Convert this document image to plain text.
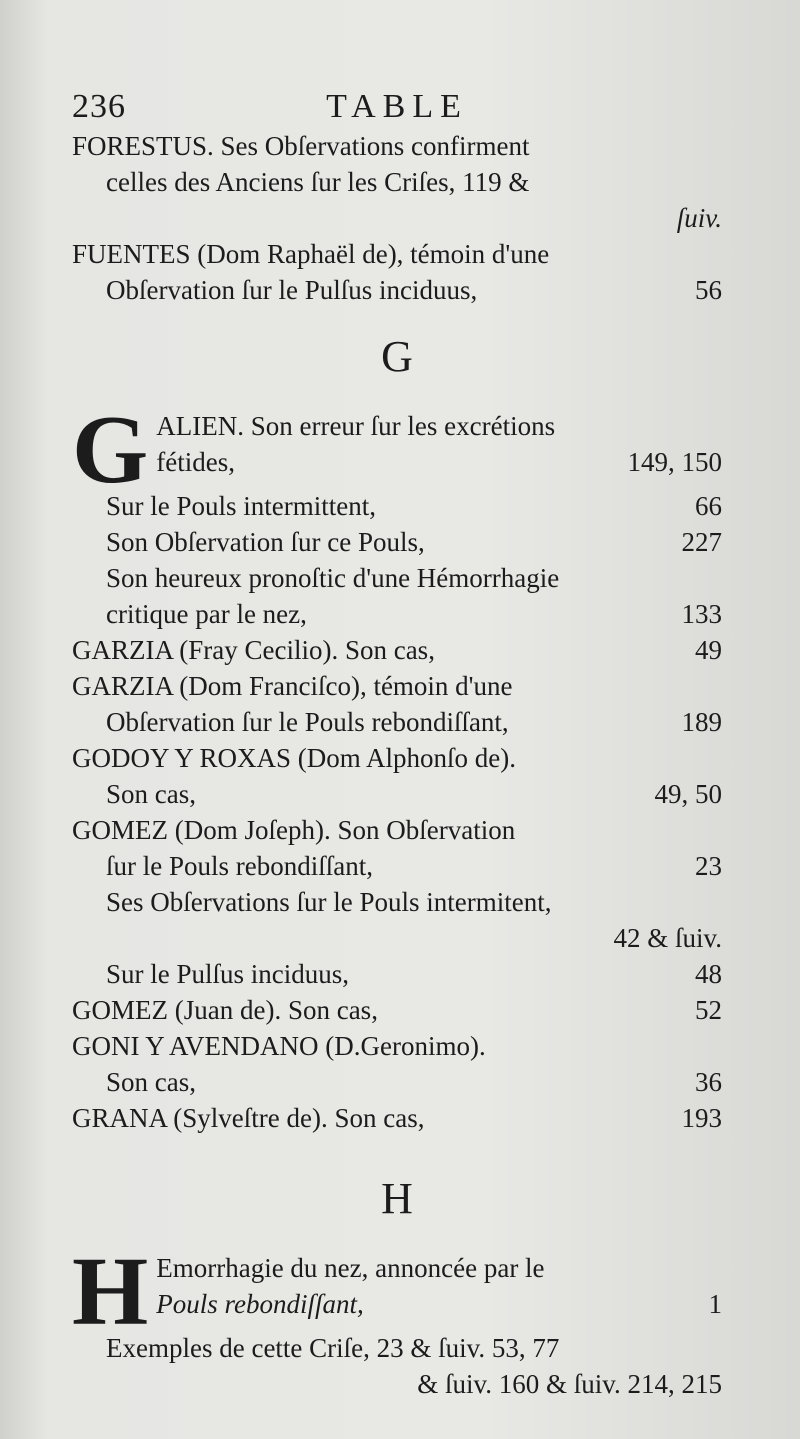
236	TABLE
FORESTUS. Ses Obſervations confirment
celles des Anciens ſur les Criſes, 119 &
ſuiv.
FUENTES (Dom Raphaël de), témoin d'une
Obſervation ſur le Pulſus inciduus,	56
G
G ALIEN. Son erreur ſur les excrétions
fétides,	149, 150
Sur le Pouls intermittent,	66
Son Obſervation ſur ce Pouls,	227
Son heureux pronoſtic d'une Hémorrhagie
critique par le nez,	133
GARZIA (Fray Cecilio). Son cas,	49
GARZIA (Dom Franciſco), témoin d'une
Obſervation ſur le Pouls rebondiſſant,	189
GODOY Y ROXAS (Dom Alphonſo de).
Son cas,	49, 50
GOMEZ (Dom Joſeph). Son Obſervation
ſur le Pouls rebondiſſant,	23
Ses Obſervations ſur le Pouls intermitent,
42 & ſuiv.
Sur le Pulſus inciduus,	48
GOMEZ (Juan de). Son cas,	52
GONI Y AVENDANO (D.Geronimo).
Son cas,	36
GRANA (Sylveſtre de). Son cas,	193
H
H Emorrhagie du nez, annoncée par le
Pouls rebondiſſant,	1
Exemples de cette Criſe, 23 & ſuiv. 53, 77
& ſuiv. 160 & ſuiv. 214, 215
